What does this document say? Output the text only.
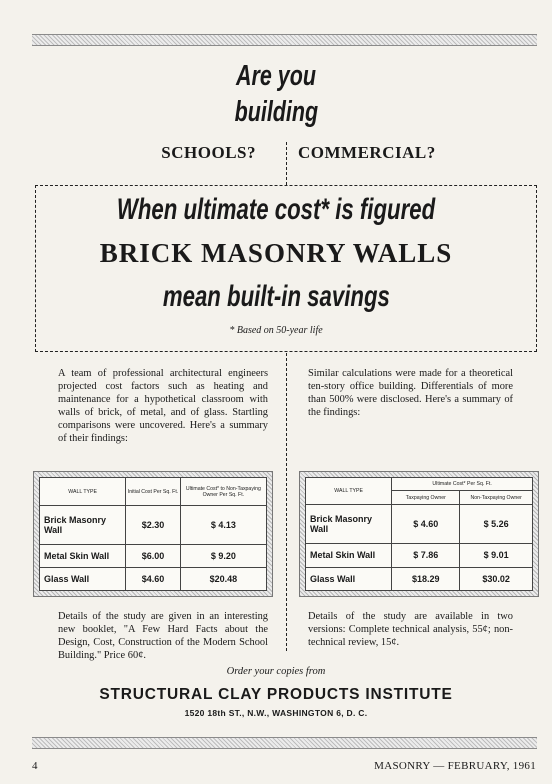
Are you
building
SCHOOLS? COMMERCIAL?
When ultimate cost* is figured
BRICK MASONRY WALLS
mean built-in savings
* Based on 50-year life

A team of professional architectural engineers projected cost factors such as heating and maintenance for a hypothetical classroom with walls of brick, of metal, and of glass. Startling comparisons were uncovered. Here's a summary of their findings:

Similar calculations were made for a theoretical ten-story office building. Differentials of more than 500% were disclosed. Here's a summary of the findings:

WALL TYPE	Initial Cost Per Sq. Ft.	Ultimate Cost* to Non-Taxpaying Owner Per Sq. Ft.
Brick Masonry Wall	$2.30	$ 4.13
Metal Skin Wall	$6.00	$ 9.20
Glass Wall	$4.60	$20.48
WALL TYPE	Ultimate Cost* Per Sq. Ft.	
	Taxpaying Owner	Non-Taxpaying Owner
Brick Masonry Wall	$ 4.60	$ 5.26
Metal Skin Wall	$ 7.86	$ 9.01
Glass Wall	$18.29	$30.02

Details of the study are given in an interesting new booklet, "A Few Hard Facts about the Design, Cost, Construction of the Modern School Building." Price 60¢.

Details of the study are available in two versions: Complete technical analysis, 55¢; non-technical review, 15¢.

Order your copies from
STRUCTURAL CLAY PRODUCTS INSTITUTE
1520 18th ST., N.W., WASHINGTON 6, D. C.
4	MASONRY — FEBRUARY, 1961
